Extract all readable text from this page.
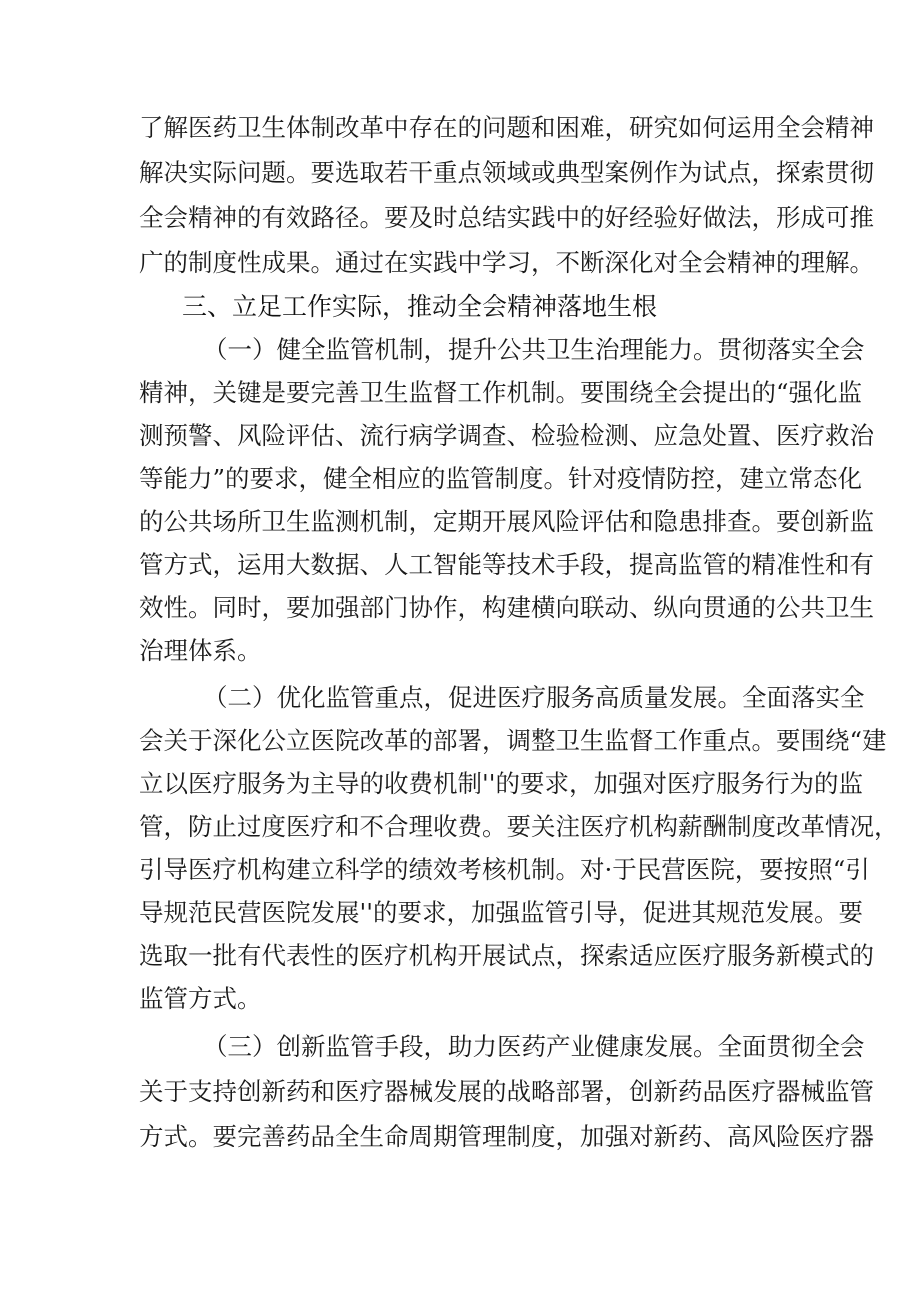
了解医药卫生体制改革中存在的问题和困难，研究如何运用全会精神
解决实际问题。要选取若干重点领域或典型案例作为试点，探索贯彻
全会精神的有效路径。要及时总结实践中的好经验好做法，形成可推
广的制度性成果。通过在实践中学习，不断深化对全会精神的理解。
三、立足工作实际，推动全会精神落地生根
（一）健全监管机制，提升公共卫生治理能力。贯彻落实全会
精神，关键是要完善卫生监督工作机制。要围绕全会提出的“强化监
测预警、风险评估、流行病学调查、检验检测、应急处置、医疗救治
等能力”的要求，健全相应的监管制度。针对疫情防控，建立常态化
的公共场所卫生监测机制，定期开展风险评估和隐患排查。要创新监
管方式，运用大数据、人工智能等技术手段，提高监管的精准性和有
效性。同时，要加强部门协作，构建横向联动、纵向贯通的公共卫生
治理体系。
（二）优化监管重点，促进医疗服务高质量发展。全面落实全
会关于深化公立医院改革的部署，调整卫生监督工作重点。要围绕“建
立以医疗服务为主导的收费机制''的要求，加强对医疗服务行为的监
管，防止过度医疗和不合理收费。要关注医疗机构薪酬制度改革情况，
引导医疗机构建立科学的绩效考核机制。对·于民营医院，要按照“引
导规范民营医院发展''的要求，加强监管引导，促进其规范发展。要
选取一批有代表性的医疗机构开展试点，探索适应医疗服务新模式的
监管方式。
（三）创新监管手段，助力医药产业健康发展。全面贯彻全会
关于支持创新药和医疗器械发展的战略部署，创新药品医疗器械监管
方式。要完善药品全生命周期管理制度，加强对新药、高风险医疗器
